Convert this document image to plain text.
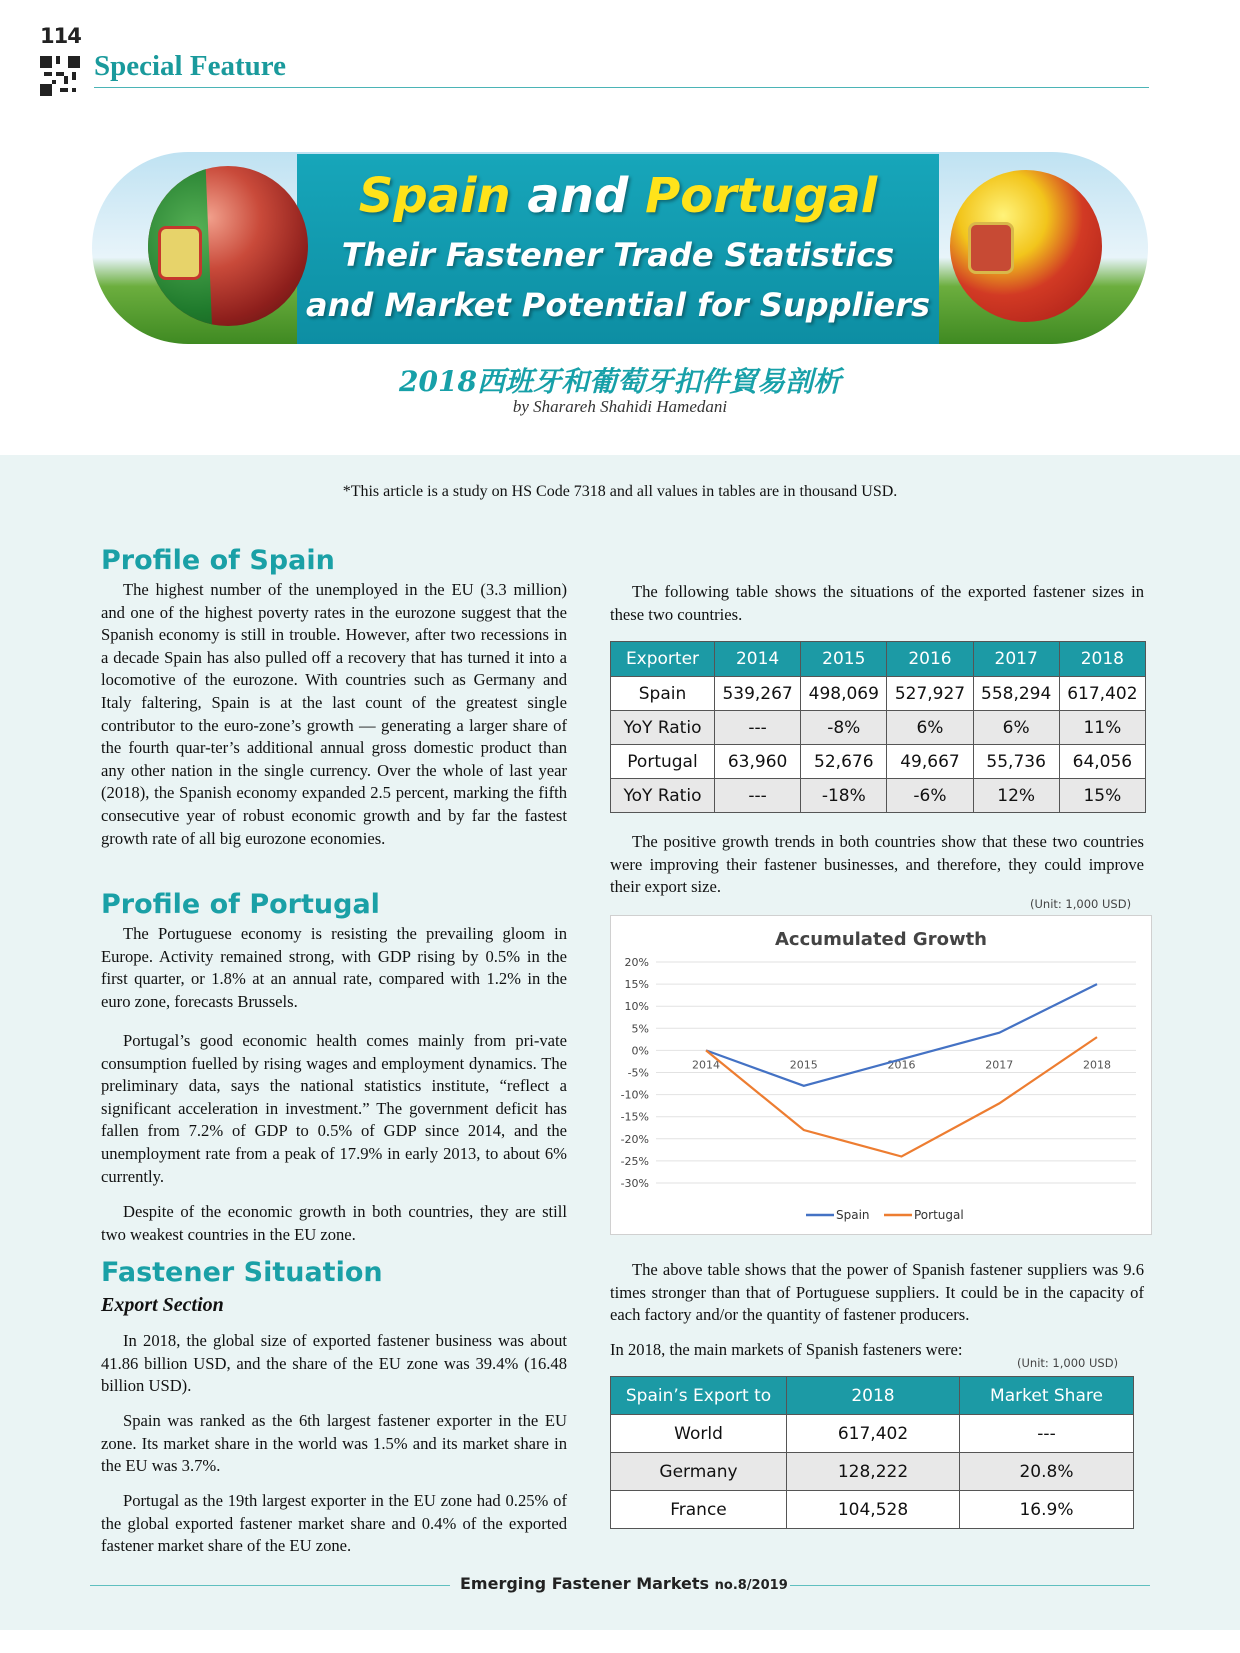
114
Special Feature
Spain and Portugal
Their Fastener Trade Statistics
and Market Potential for Suppliers
2018西班牙和葡萄牙扣件貿易剖析
by Sharareh Shahidi Hamedani
*This article is a study on HS Code 7318 and all values in tables are in thousand USD.
Profile of Spain

The highest number of the unemployed in the EU (3.3 million) and one of the highest poverty rates in the eurozone suggest that the Spanish economy is still in trouble. However, after two recessions in a decade Spain has also pulled off a recovery that has turned it into a locomotive of the eurozone. With countries such as Germany and Italy faltering, Spain is at the last count of the greatest single contributor to the euro-zone’s growth — generating a larger share of the fourth quar-ter’s additional annual gross domestic product than any other nation in the single currency. Over the whole of last year (2018), the Spanish economy expanded 2.5 percent, marking the fifth consecutive year of robust economic growth and by far the fastest growth rate of all big eurozone economies.

Profile of Portugal

The Portuguese economy is resisting the prevailing gloom in Europe. Activity remained strong, with GDP rising by 0.5% in the first quarter, or 1.8% at an annual rate, compared with 1.2% in the euro zone, forecasts Brussels.

Portugal’s good economic health comes mainly from pri-vate consumption fuelled by rising wages and employment dynamics. The preliminary data, says the national statistics institute, “reflect a significant acceleration in investment.” The government deficit has fallen from 7.2% of GDP to 0.5% of GDP since 2014, and the unemployment rate from a peak of 17.9% in early 2013, to about 6% currently.

Despite of the economic growth in both countries, they are still two weakest countries in the EU zone.

Fastener Situation
Export Section

In 2018, the global size of exported fastener business was about 41.86 billion USD, and the share of the EU zone was 39.4% (16.48 billion USD).

Spain was ranked as the 6th largest fastener exporter in the EU zone. Its market share in the world was 1.5% and its market share in the EU was 3.7%.

Portugal as the 19th largest exporter in the EU zone had 0.25% of the global exported fastener market share and 0.4% of the exported fastener market share of the EU zone.

The following table shows the situations of the exported fastener sizes in these two countries.

Exporter	2014	2015	2016	2017	2018
Spain	539,267	498,069	527,927	558,294	617,402
YoY Ratio	---	-8%	6%	6%	11%
Portugal	63,960	52,676	49,667	55,736	64,056
YoY Ratio	---	-18%	-6%	12%	15%

The positive growth trends in both countries show that these two countries were improving their fastener businesses, and therefore, they could improve their export size.

(Unit: 1,000 USD)
Accumulated Growth
20%
15%
10%
5%
0%
-5%
-10%
-15%
-20%
-25%
-30%
2014	2015	2016	2017	2018
Spain	Portugal

The above table shows that the power of Spanish fastener suppliers was 9.6 times stronger than that of Portuguese suppliers. It could be in the capacity of each factory and/or the quantity of fastener producers.

In 2018, the main markets of Spanish fasteners were:

(Unit: 1,000 USD)
Spain’s Export to	2018	Market Share
World	617,402	---
Germany	128,222	20.8%
France	104,528	16.9%
Emerging Fastener Markets no.8/2019
